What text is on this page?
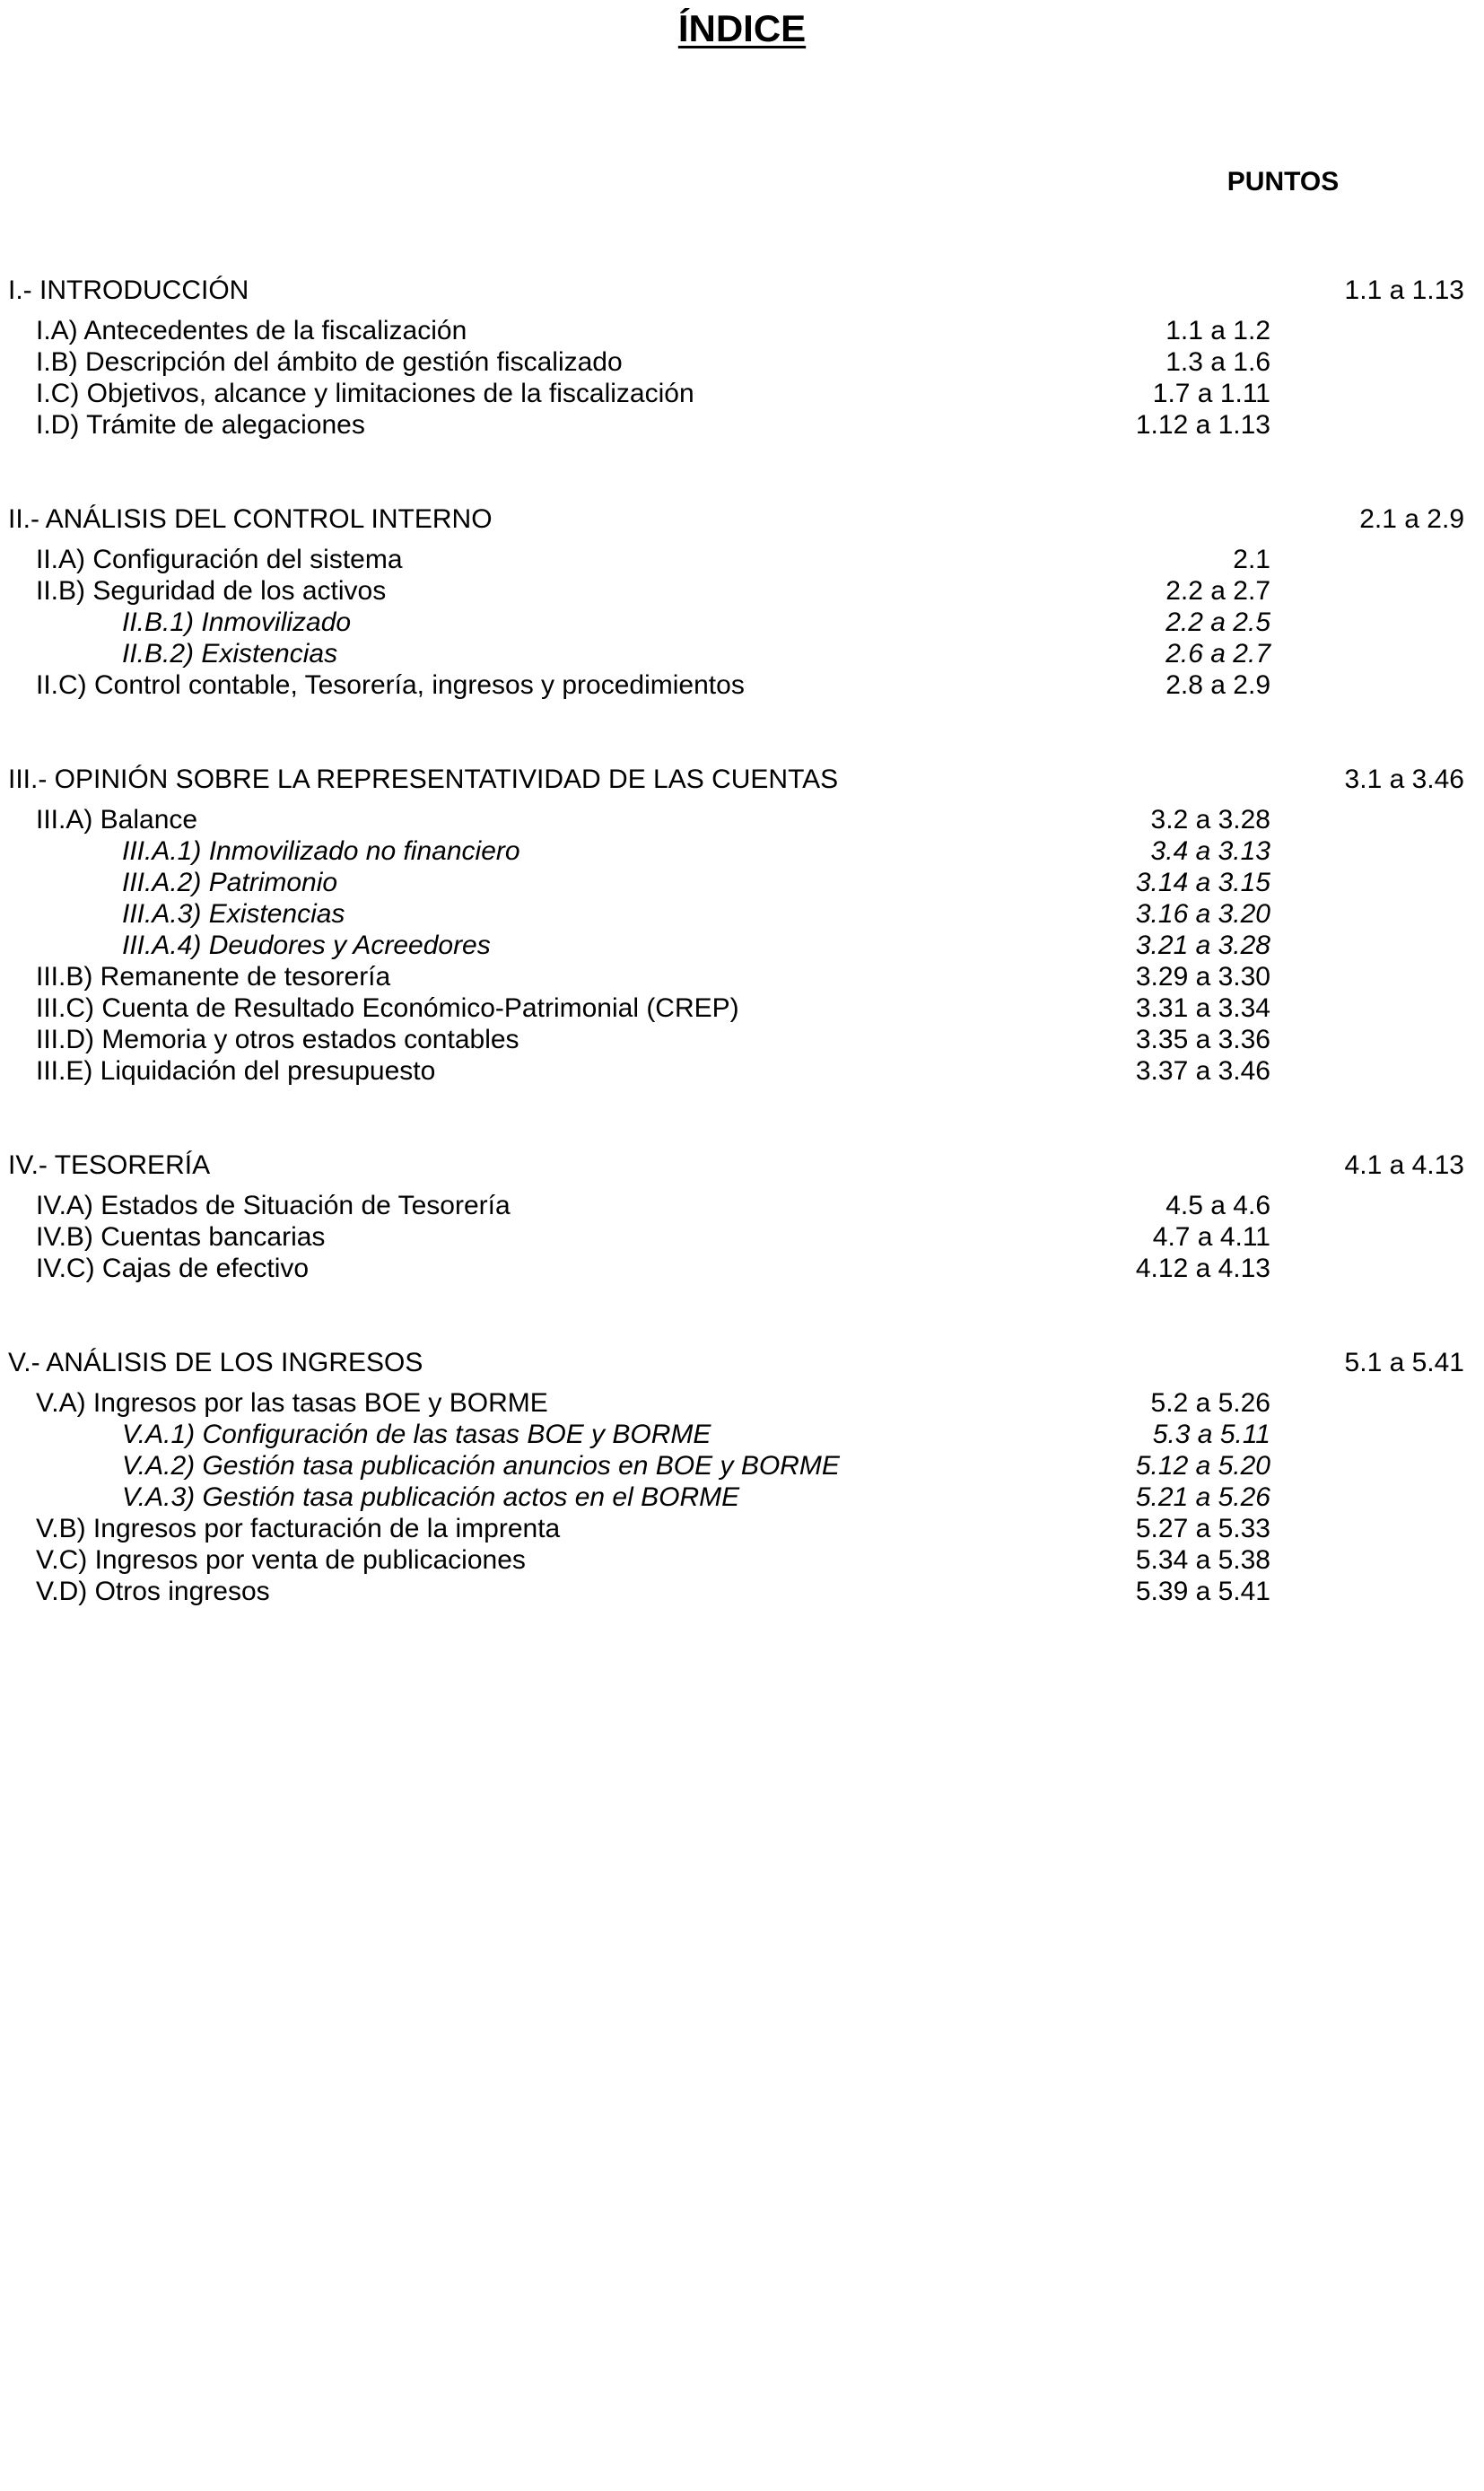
ÍNDICE
PUNTOS
I.- INTRODUCCIÓN	1.1 a 1.13
I.A) Antecedentes de la fiscalización	1.1 a 1.2
I.B) Descripción del ámbito de gestión fiscalizado	1.3 a 1.6
I.C) Objetivos, alcance y limitaciones de la fiscalización	1.7 a 1.11
I.D) Trámite de alegaciones	1.12 a 1.13
II.- ANÁLISIS DEL CONTROL INTERNO	2.1 a 2.9
II.A) Configuración del sistema	2.1
II.B) Seguridad de los activos	2.2 a 2.7
II.B.1) Inmovilizado	2.2 a 2.5
II.B.2) Existencias	2.6 a 2.7
II.C) Control contable, Tesorería, ingresos y procedimientos	2.8 a 2.9
III.- OPINIÓN SOBRE LA REPRESENTATIVIDAD DE LAS CUENTAS	3.1 a 3.46
III.A) Balance	3.2 a 3.28
III.A.1) Inmovilizado no financiero	3.4 a 3.13
III.A.2) Patrimonio	3.14 a 3.15
III.A.3) Existencias	3.16 a 3.20
III.A.4) Deudores y Acreedores	3.21 a 3.28
III.B) Remanente de tesorería	3.29 a 3.30
III.C) Cuenta de Resultado Económico-Patrimonial (CREP)	3.31 a 3.34
III.D) Memoria y otros estados contables	3.35 a 3.36
III.E) Liquidación del presupuesto	3.37 a 3.46
IV.- TESORERÍA	4.1 a 4.13
IV.A) Estados de Situación de Tesorería	4.5 a 4.6
IV.B) Cuentas bancarias	4.7 a 4.11
IV.C) Cajas de efectivo	4.12 a 4.13
V.- ANÁLISIS DE LOS INGRESOS	5.1 a 5.41
V.A) Ingresos por las tasas BOE y BORME	5.2 a 5.26
V.A.1) Configuración de las tasas BOE y BORME	5.3 a 5.11
V.A.2) Gestión tasa publicación anuncios en BOE y BORME	5.12 a 5.20
V.A.3) Gestión tasa publicación actos en el BORME	5.21 a 5.26
V.B) Ingresos por facturación de la imprenta	5.27 a 5.33
V.C) Ingresos por venta de publicaciones	5.34 a 5.38
V.D) Otros ingresos	5.39 a 5.41
